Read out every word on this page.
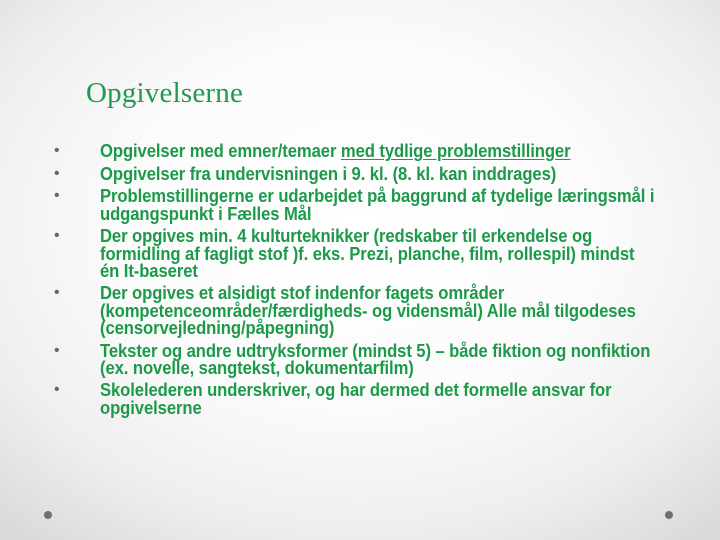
Opgivelserne
• Opgivelser med emner/temaer med tydlige problemstillinger
• Opgivelser fra undervisningen i 9. kl. (8. kl. kan inddrages)
• Problemstillingerne er udarbejdet på baggrund af tydelige læringsmål i udgangspunkt i Fælles Mål
• Der opgives min. 4 kulturteknikker (redskaber til erkendelse og formidling af fagligt stof )f. eks. Prezi, planche, film, rollespil) mindst én It-baseret
• Der opgives et alsidigt stof indenfor fagets områder (kompetenceområder/færdigheds- og vidensmål) Alle mål tilgodeses (censorvejledning/påpegning)
• Tekster og andre udtryksformer (mindst 5) – både fiktion og nonfiktion (ex. novelle, sangtekst, dokumentarfilm)
• Skolelederen underskriver, og har dermed det formelle ansvar for opgivelserne
